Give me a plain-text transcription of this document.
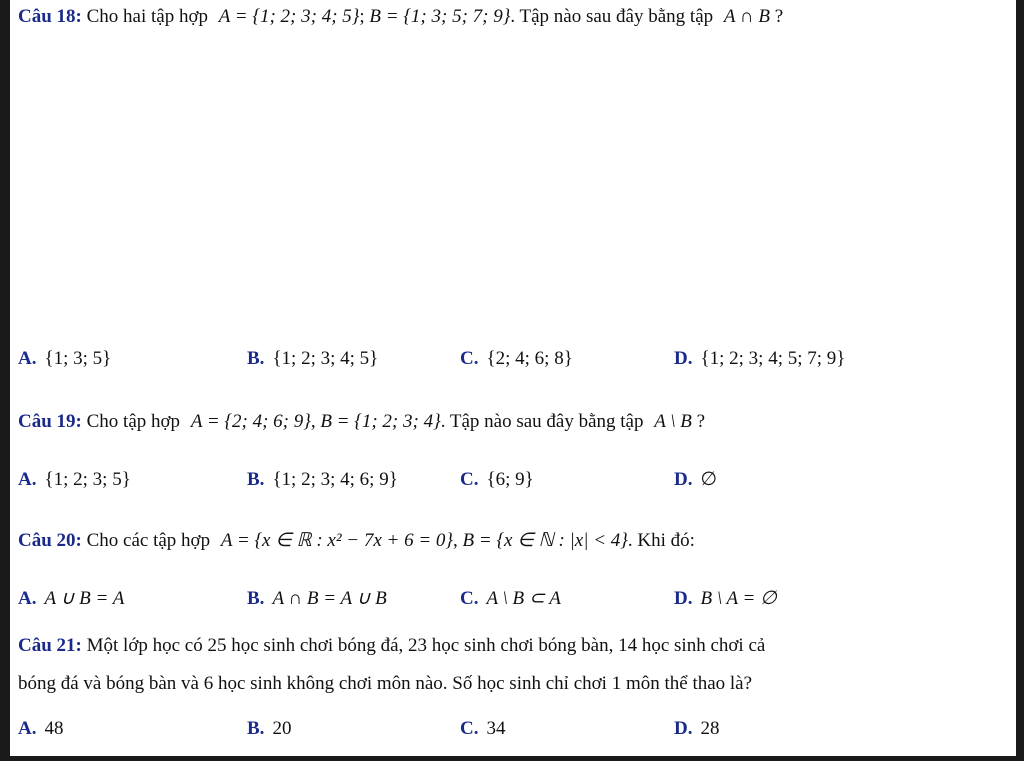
Câu 18: Cho hai tập hợp A = {1; 2; 3; 4; 5}; B = {1; 3; 5; 7; 9}. Tập nào sau đây bằng tập A ∩ B ?
A. {1; 3; 5}	B. {1; 2; 3; 4; 5}	C. {2; 4; 6; 8}	D. {1; 2; 3; 4; 5; 7; 9}
Câu 19: Cho tập hợp A = {2; 4; 6; 9}, B = {1; 2; 3; 4}. Tập nào sau đây bằng tập A \ B ?
A. {1; 2; 3; 5}	B. {1; 2; 3; 4; 6; 9}	C. {6; 9}	D. ∅
Câu 20: Cho các tập hợp A = {x ∈ ℝ : x² − 7x + 6 = 0}, B = {x ∈ ℕ : |x| < 4}. Khi đó:
A. A ∪ B = A	B. A ∩ B = A ∪ B	C. A \ B ⊂ A	D. B \ A = ∅
Câu 21: Một lớp học có 25 học sinh chơi bóng đá, 23 học sinh chơi bóng bàn, 14 học sinh chơi cả
bóng đá và bóng bàn và 6 học sinh không chơi môn nào. Số học sinh chỉ chơi 1 môn thể thao là?
A. 48	B. 20	C. 34	D. 28
